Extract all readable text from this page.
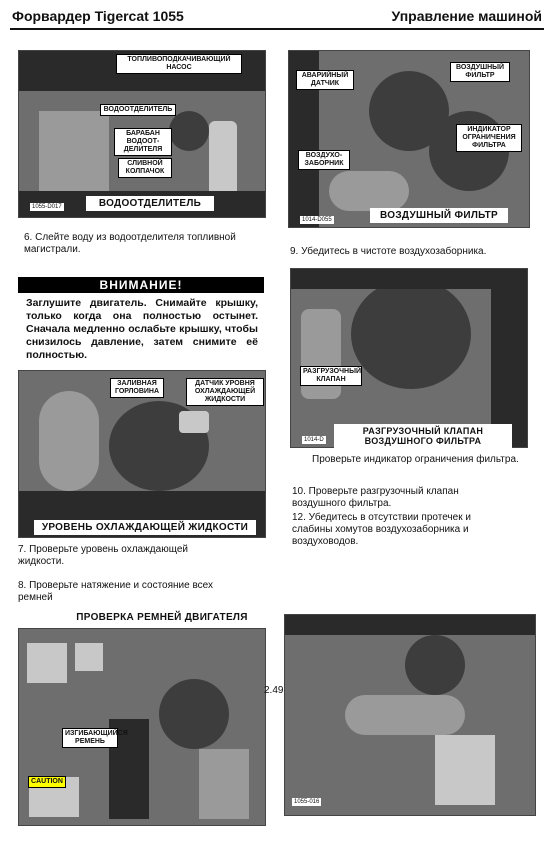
Форвардер Tigercat 1055	Управление машиной
ТОПЛИВОПОДКАЧИВАЮЩИЙ НАСОС
ВОДООТДЕЛИТЕЛЬ
БАРАБАН ВОДООТ-ДЕЛИТЕЛЯ
СЛИВНОЙ КОЛПАЧОК
ВОДООТДЕЛИТЕЛЬ
1055-D017
6. Слейте воду из водоотделителя топливной магистрали.
АВАРИЙНЫЙ ДАТЧИК
ВОЗДУШНЫЙ ФИЛЬТР
ИНДИКАТОР ОГРАНИЧЕНИЯ ФИЛЬТРА
ВОЗДУХО-ЗАБОРНИК
ВОЗДУШНЫЙ ФИЛЬТР
1014-D055
9. Убедитесь в чистоте воздухозаборника.
РАЗГРУЗОЧНЫЙ КЛАПАН
РАЗГРУЗОЧНЫЙ КЛАПАН ВОЗДУШНОГО ФИЛЬТРА
1014-D
Проверьте индикатор ограничения фильтра.
10. Проверьте разгрузочный клапан воздушного фильтра.
12. Убедитесь в отсутствии протечек и слабины хомутов воздухозаборника и воздуховодов.
ВНИМАНИЕ!
Заглушите двигатель. Снимайте крышку, только когда она полностью остынет. Сначала медленно ослабьте крышку, чтобы снизилось давление, затем снимите её полностью.
ЗАЛИВНАЯ ГОРЛОВИНА
ДАТЧИК УРОВНЯ ОХЛАЖДАЮЩЕЙ ЖИДКОСТИ
УРОВЕНЬ ОХЛАЖДАЮЩЕЙ ЖИДКОСТИ
7. Проверьте уровень охлаждающей жидкости.
8. Проверьте натяжение и состояние всех ремней
ПРОВЕРКА РЕМНЕЙ ДВИГАТЕЛЯ
ИЗГИБАЮЩИЙСЯ РЕМЕНЬ
CAUTION
2.49
1055-016
